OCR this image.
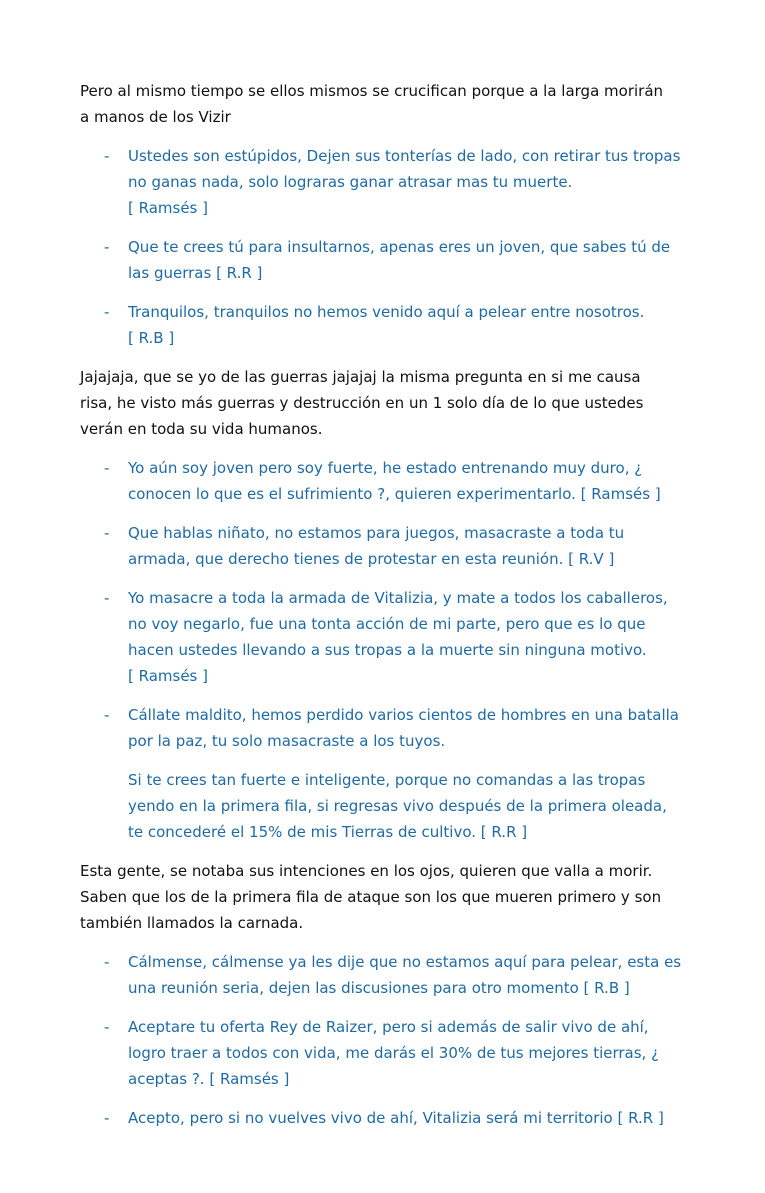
Pero al mismo tiempo se ellos mismos se crucifican porque a la larga morirán a manos de los Vizir

- Ustedes son estúpidos, Dejen sus tonterías de lado, con retirar tus tropas no ganas nada, solo lograras ganar atrasar mas tu muerte.
[ Ramsés ]
- Que te crees tú para insultarnos, apenas eres un joven, que sabes tú de las guerras [ R.R ]
- Tranquilos, tranquilos no hemos venido aquí a pelear entre nosotros.
[ R.B ]

Jajajaja, que se yo de las guerras jajajaj la misma pregunta en si me causa risa, he visto más guerras y destrucción en un 1 solo día de lo que ustedes verán en toda su vida humanos.

- Yo aún soy joven pero soy fuerte, he estado entrenando muy duro, ¿ conocen lo que es el sufrimiento ?, quieren experimentarlo. [ Ramsés ]
- Que hablas niñato, no estamos para juegos, masacraste a toda tu armada, que derecho tienes de protestar en esta reunión. [ R.V ]
- Yo masacre a toda la armada de Vitalizia, y mate a todos los caballeros, no voy negarlo, fue una tonta acción de mi parte, pero que es lo que hacen ustedes llevando a sus tropas a la muerte sin ninguna motivo.
[ Ramsés ]
- Cállate maldito, hemos perdido varios cientos de hombres en una batalla por la paz, tu solo masacraste a los tuyos.
Si te crees tan fuerte e inteligente, porque no comandas a las tropas yendo en la primera fila, si regresas vivo después de la primera oleada, te concederé el 15% de mis Tierras de cultivo. [ R.R ]

Esta gente, se notaba sus intenciones en los ojos, quieren que valla a morir. Saben que los de la primera fila de ataque son los que mueren primero y son también llamados la carnada.

- Cálmense, cálmense ya les dije que no estamos aquí para pelear, esta es una reunión seria, dejen las discusiones para otro momento [ R.B ]
- Aceptare tu oferta Rey de Raizer, pero si además de salir vivo de ahí, logro traer a todos con vida, me darás el 30% de tus mejores tierras, ¿ aceptas ?. [ Ramsés ]
- Acepto, pero si no vuelves vivo de ahí, Vitalizia será mi territorio [ R.R ]
